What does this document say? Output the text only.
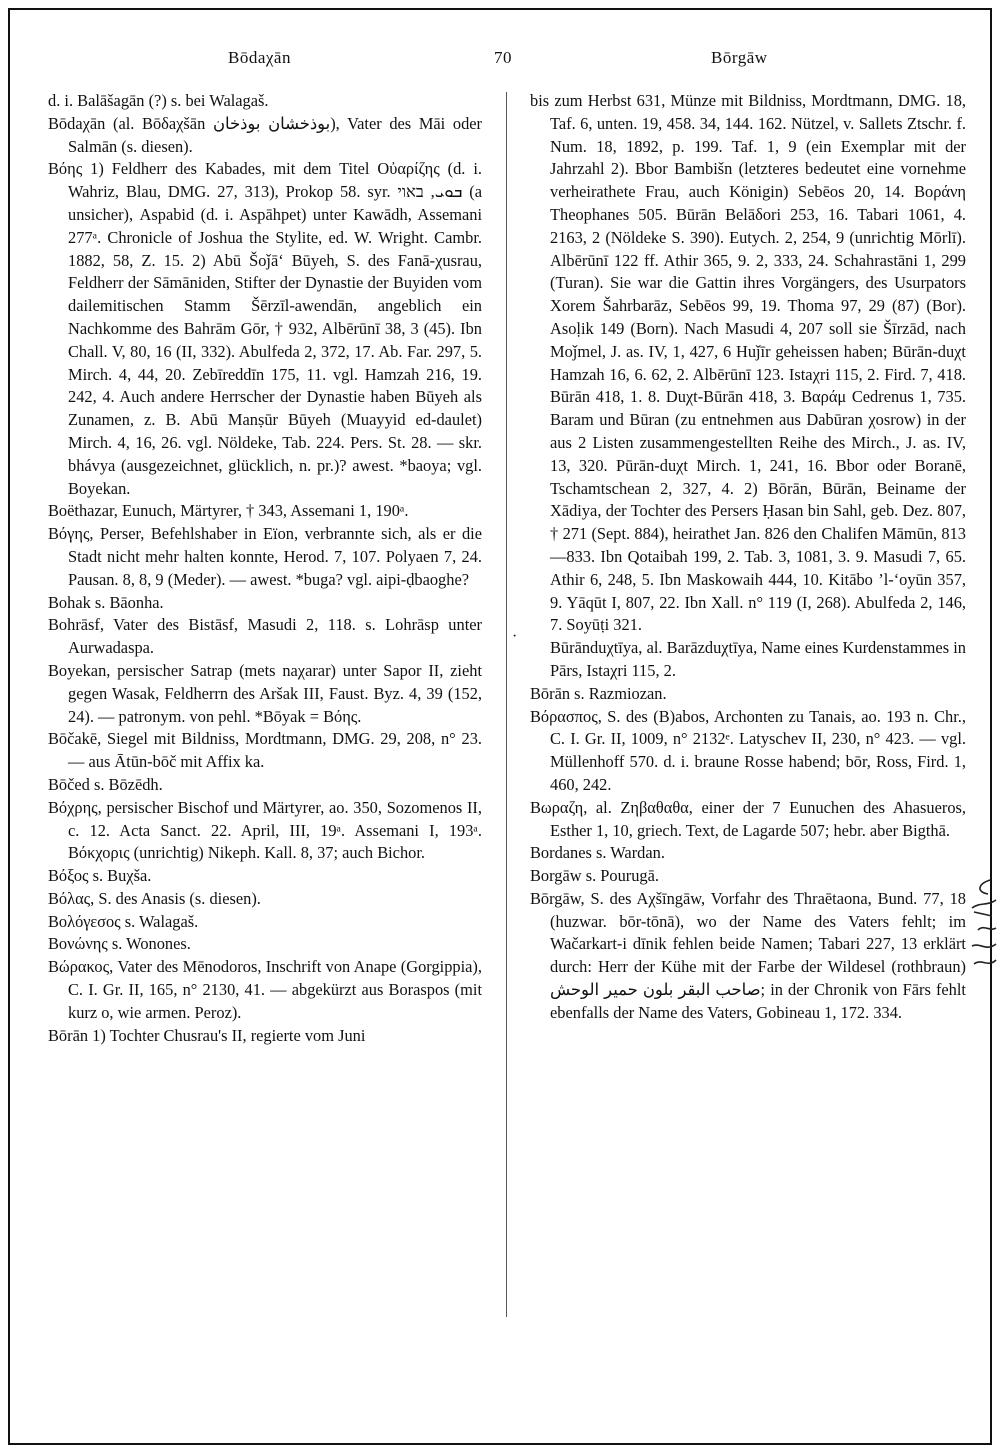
Bōdaχān	70	Bōrgāw
·

d. i. Balāšagān (?) s. bei Walagaš.

Bōdaχān (al. Bōδaχšān بوذخشان بوذخان), Vater des Māi oder Salmān (s. diesen).

Βόης 1) Feldherr des Kabades, mit dem Titel Οὐαρίζης (d. i. Wahriz, Blau, DMG. 27, 313), Prokop 58. syr. ܒܘܝ, באוי (a unsicher), Aspabid (d. i. Aspāhpet) unter Kawādh, Assemani 277ᵃ. Chronicle of Joshua the Stylite, ed. W. Wright. Cambr. 1882, 58, Z. 15. 2) Abū Šoǰā‘ Būyeh, S. des Fanā-χusrau, Feldherr der Sāmāniden, Stifter der Dynastie der Buyiden vom dailemitischen Stamm Šērzīl-awendān, angeblich ein Nachkomme des Bahrām Gōr, † 932, Albērūnī 38, 3 (45). Ibn Chall. V, 80, 16 (II, 332). Abulfeda 2, 372, 17. Ab. Far. 297, 5. Mirch. 4, 44, 20. Zebīreddīn 175, 11. vgl. Hamzah 216, 19. 242, 4. Auch andere Herrscher der Dynastie haben Būyeh als Zunamen, z. B. Abū Manṣūr Būyeh (Muayyid ed-daulet) Mirch. 4, 16, 26. vgl. Nöldeke, Tab. 224. Pers. St. 28. — skr. bhávya (ausgezeichnet, glücklich, n. pr.)? awest. *baoya; vgl. Boyekan.

Boëthazar, Eunuch, Märtyrer, † 343, Assemani 1, 190ᵃ.

Βόγης, Perser, Befehlshaber in Eïon, verbrannte sich, als er die Stadt nicht mehr halten konnte, Herod. 7, 107. Polyaen 7, 24. Pausan. 8, 8, 9 (Meder). — awest. *buga? vgl. aipi-ḍbaoghe?

Bohak s. Bāonha.

Bohrāsf, Vater des Bistāsf, Masudi 2, 118. s. Lohrāsp unter Aurwadaspa.

Boyekan, persischer Satrap (mets naχarar) unter Sapor II, zieht gegen Wasak, Feldherrn des Aršak III, Faust. Byz. 4, 39 (152, 24). — patronym. von pehl. *Bōyak = Βόης.

Bōčakē, Siegel mit Bildniss, Mordtmann, DMG. 29, 208, n° 23. — aus Ātūn-bōč mit Affix ka.

Bōčed s. Bōzēdh.

Βόχρης, persischer Bischof und Märtyrer, ao. 350, Sozomenos II, c. 12. Acta Sanct. 22. April, III, 19ᵃ. Assemani I, 193ᵃ. Βόκχορις (unrichtig) Nikeph. Kall. 8, 37; auch Bichor.

Βόξος s. Buχša.

Βόλας, S. des Anasis (s. diesen).

Βολόγεσος s. Walagaš.

Βονώνης s. Wonones.

Βώρακος, Vater des Mēnodoros, Inschrift von Anape (Gorgippia), C. I. Gr. II, 165, n° 2130, 41. — abgekürzt aus Boraspos (mit kurz o, wie armen. Peroz).

Bōrān 1) Tochter Chusrau's II, regierte vom Juni

bis zum Herbst 631, Münze mit Bildniss, Mordtmann, DMG. 18, Taf. 6, unten. 19, 458. 34, 144. 162. Nützel, v. Sallets Ztschr. f. Num. 18, 1892, p. 199. Taf. 1, 9 (ein Exemplar mit der Jahrzahl 2). Bbor Bambišn (letzteres bedeutet eine vornehme verheirathete Frau, auch Königin) Sebēos 20, 14. Βοράνη Theophanes 505. Būrān Belāδori 253, 16. Tabari 1061, 4. 2163, 2 (Nöldeke S. 390). Eutych. 2, 254, 9 (unrichtig Mōrlī). Albērūnī 122 ff. Athir 365, 9. 2, 333, 24. Schahrastāni 1, 299 (Turan). Sie war die Gattin ihres Vorgängers, des Usurpators Xorem Šahrbarāz, Sebēos 99, 19. Thoma 97, 29 (87) (Bor). Asoḷik 149 (Born). Nach Masudi 4, 207 soll sie Šīrzād, nach Moǰmel, J. as. IV, 1, 427, 6 Huǰīr geheissen haben; Būrān-duχt Hamzah 16, 6. 62, 2. Albērūnī 123. Istaχri 115, 2. Fird. 7, 418. Būrān 418, 1. 8. Duχt-Būrān 418, 3. Βαράμ Cedrenus 1, 735. Baram und Būran (zu entnehmen aus Dabūran χosrow) in der aus 2 Listen zusammengestellten Reihe des Mirch., J. as. IV, 13, 320. Pūrān-duχt Mirch. 1, 241, 16. Bbor oder Boranē, Tschamtschean 2, 327, 4. 2) Bōrān, Būrān, Beiname der Xādiya, der Tochter des Persers Ḥasan bin Sahl, geb. Dez. 807, † 271 (Sept. 884), heirathet Jan. 826 den Chalifen Māmūn, 813—833. Ibn Qotaibah 199, 2. Tab. 3, 1081, 3. 9. Masudi 7, 65. Athir 6, 248, 5. Ibn Maskowaih 444, 10. Kitābo ’l-‘oyūn 357, 9. Yāqūt I, 807, 22. Ibn Xall. n° 119 (I, 268). Abulfeda 2, 146, 7. Soyūṭi 321.

Būrānduχtīya, al. Barāzduχtīya, Name eines Kurdenstammes in Pārs, Istaχri 115, 2.

Bōrān s. Razmiozan.

Βόρασπος, S. des (B)abos, Archonten zu Tanais, ao. 193 n. Chr., C. I. Gr. II, 1009, n° 2132ᵉ. Latyschev II, 230, n° 423. — vgl. Müllenhoff 570. d. i. braune Rosse habend; bōr, Ross, Fird. 1, 460, 242.

Βωραζη, al. Ζηβαθαθα, einer der 7 Eunuchen des Ahasueros, Esther 1, 10, griech. Text, de Lagarde 507; hebr. aber Bigthā.

Bordanes s. Wardan.

Borgāw s. Pourugā.

Bōrgāw, S. des Aχšīngāw, Vorfahr des Thraētaona, Bund. 77, 18 (huzwar. bōr-tōnā), wo der Name des Vaters fehlt; im Wačarkart-i dīnik fehlen beide Namen; Tabari 227, 13 erklärt durch: Herr der Kühe mit der Farbe der Wildesel (rothbraun) صاحب البقر بلون حمير الوحش; in der Chronik von Fārs fehlt ebenfalls der Name des Vaters, Gobineau 1, 172. 334.
